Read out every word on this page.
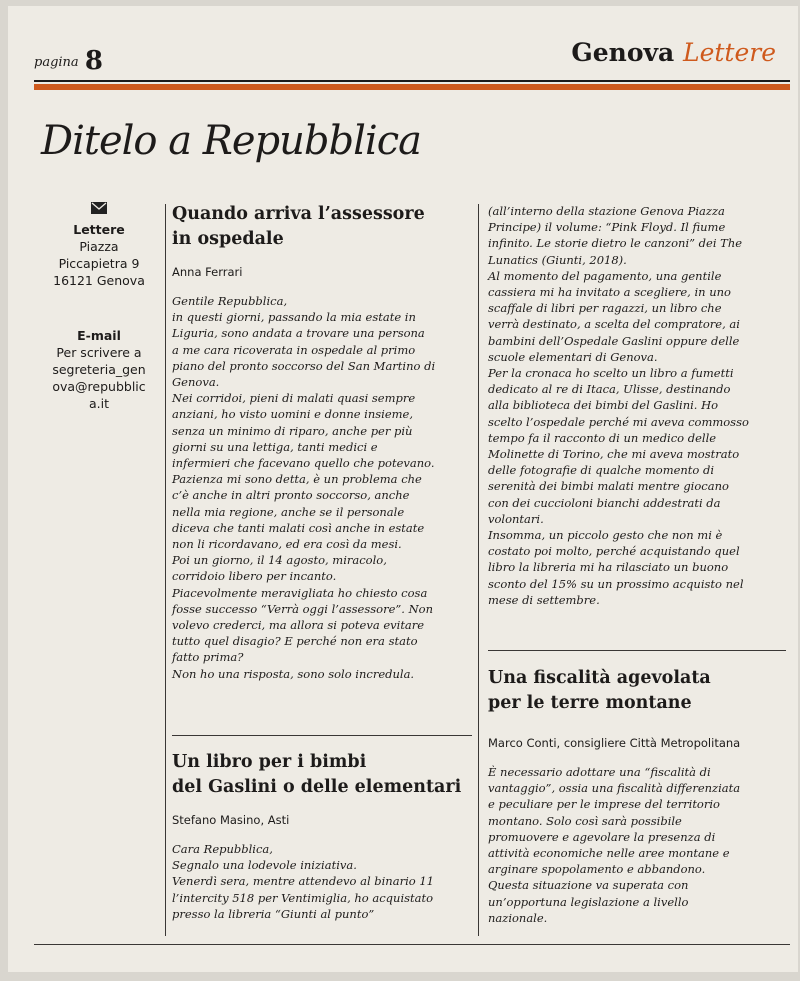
pagina 8	Genova Lettere
Ditelo a Repubblica
Lettere
Piazza
Piccapietra 9
16121 Genova
E-mail
Per scrivere a
segreteria_gen
ova@repubblic
a.it
Quando arriva l’assessore
in ospedale
Anna Ferrari

Gentile Repubblica,

in questi giorni, passando la mia estate in

Liguria, sono andata a trovare una persona

a me cara ricoverata in ospedale al primo

piano del pronto soccorso del San Martino di

Genova.

Nei corridoi, pieni di malati quasi sempre

anziani, ho visto uomini e donne insieme,

senza un minimo di riparo, anche per più

giorni su una lettiga, tanti medici e

infermieri che facevano quello che potevano.

Pazienza mi sono detta, è un problema che

c’è anche in altri pronto soccorso, anche

nella mia regione, anche se il personale

diceva che tanti malati così anche in estate

non li ricordavano, ed era così da mesi.

Poi un giorno, il 14 agosto, miracolo,

corridoio libero per incanto.

Piacevolmente meravigliata ho chiesto cosa

fosse successo “Verrà oggi l’assessore”. Non

volevo crederci, ma allora si poteva evitare

tutto quel disagio? E perché non era stato

fatto prima?

Non ho una risposta, sono solo incredula.

Un libro per i bimbi
del Gaslini o delle elementari
Stefano Masino, Asti

Cara Repubblica,

Segnalo una lodevole iniziativa.

Venerdì sera, mentre attendevo al binario 11

l’intercity 518 per Ventimiglia, ho acquistato

presso la libreria “Giunti al punto”

(all’interno della stazione Genova Piazza

Principe) il volume: “Pink Floyd. Il fiume

infinito. Le storie dietro le canzoni” dei The

Lunatics (Giunti, 2018).

Al momento del pagamento, una gentile

cassiera mi ha invitato a scegliere, in uno

scaffale di libri per ragazzi, un libro che

verrà destinato, a scelta del compratore, ai

bambini dell’Ospedale Gaslini oppure delle

scuole elementari di Genova.

Per la cronaca ho scelto un libro a fumetti

dedicato al re di Itaca, Ulisse, destinando

alla biblioteca dei bimbi del Gaslini. Ho

scelto l’ospedale perché mi aveva commosso

tempo fa il racconto di un medico delle

Molinette di Torino, che mi aveva mostrato

delle fotografie di qualche momento di

serenità dei bimbi malati mentre giocano

con dei cuccioloni bianchi addestrati da

volontari.

Insomma, un piccolo gesto che non mi è

costato poi molto, perché acquistando quel

libro la libreria mi ha rilasciato un buono

sconto del 15% su un prossimo acquisto nel

mese di settembre.

Una fiscalità agevolata
per le terre montane
Marco Conti, consigliere Città Metropolitana

È necessario adottare una “fiscalità di

vantaggio”, ossia una fiscalità differenziata

e peculiare per le imprese del territorio

montano. Solo così sarà possibile

promuovere e agevolare la presenza di

attività economiche nelle aree montane e

arginare spopolamento e abbandono.

Questa situazione va superata con

un’opportuna legislazione a livello

nazionale.
